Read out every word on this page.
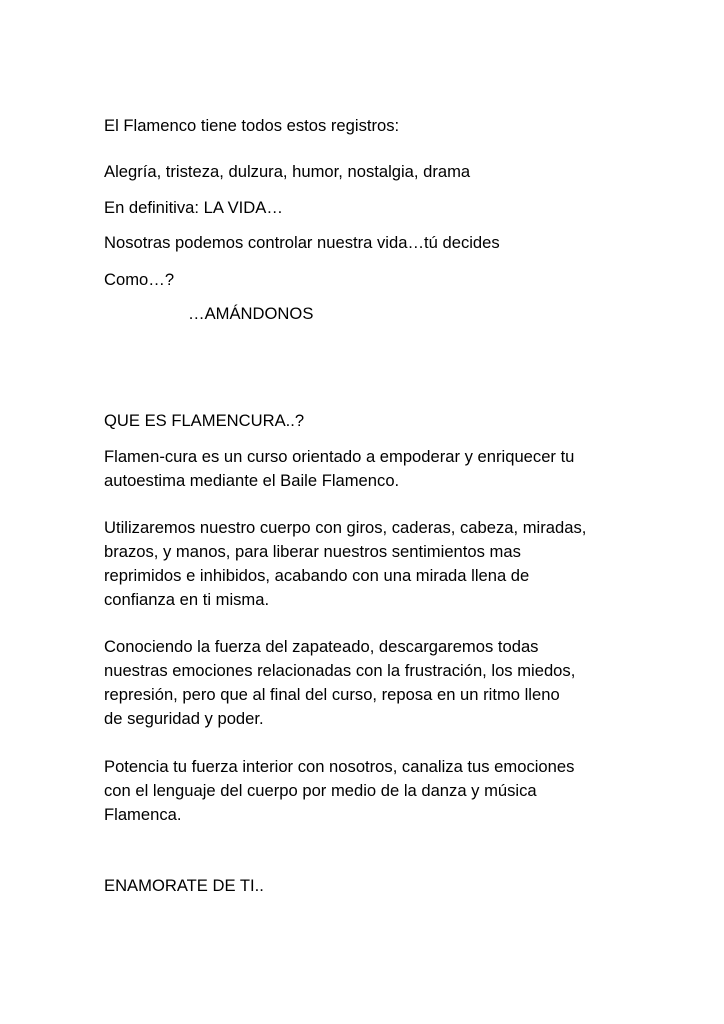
El Flamenco tiene todos estos registros:
Alegría, tristeza, dulzura, humor, nostalgia, drama
En definitiva: LA VIDA…
Nosotras podemos controlar nuestra vida…tú decides
Como…?
…AMÁNDONOS
QUE ES FLAMENCURA..?
Flamen-cura es un curso orientado a empoderar y enriquecer tu
autoestima mediante el Baile Flamenco.
Utilizaremos nuestro cuerpo con giros, caderas, cabeza, miradas,
brazos, y manos, para liberar nuestros sentimientos mas
reprimidos e inhibidos, acabando con una mirada llena de
confianza en ti misma.
Conociendo la fuerza del zapateado, descargaremos todas
nuestras emociones relacionadas con la frustración, los miedos,
represión, pero que al final del curso, reposa en un ritmo lleno
de seguridad y poder.
Potencia tu fuerza interior con nosotros, canaliza tus emociones
con el lenguaje del cuerpo por medio de la danza y música
Flamenca.
ENAMORATE DE TI..
